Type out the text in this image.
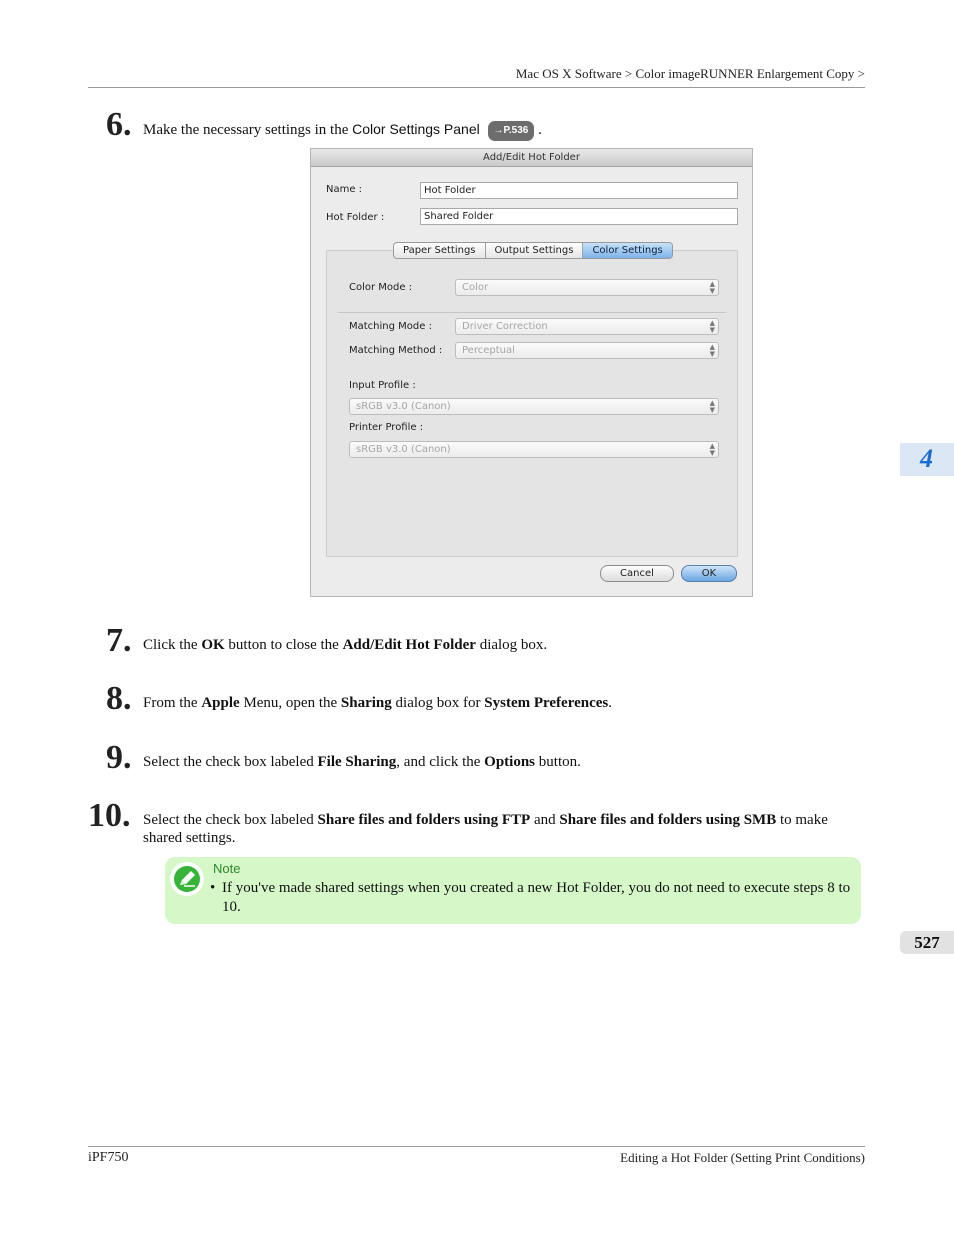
Mac OS X Software > Color imageRUNNER Enlargement Copy >
6. Make the necessary settings in the Color Settings Panel →P.536 .
Add/Edit Hot Folder
Name :	Hot Folder
Hot Folder :	Shared Folder
Paper Settings	Output Settings	Color Settings
Color Mode :	Color	▲
▼
Matching Mode :	Driver Correction	▲
▼
Matching Method :	Perceptual	▲
▼
Input Profile :
sRGB v3.0 (Canon)	▲
▼
Printer Profile :
sRGB v3.0 (Canon)	▲
▼
Cancel	OK
7. Click the OK button to close the Add/Edit Hot Folder dialog box.
8. From the Apple Menu, open the Sharing dialog box for System Preferences.
9. Select the check box labeled File Sharing, and click the Options button.
10. Select the check box labeled Share files and folders using FTP and Share files and folders using SMB to make
shared settings.
Note
• If you've made shared settings when you created a new Hot Folder, you do not need to execute steps 8 to 10.
4
527
iPF750	Editing a Hot Folder (Setting Print Conditions)
